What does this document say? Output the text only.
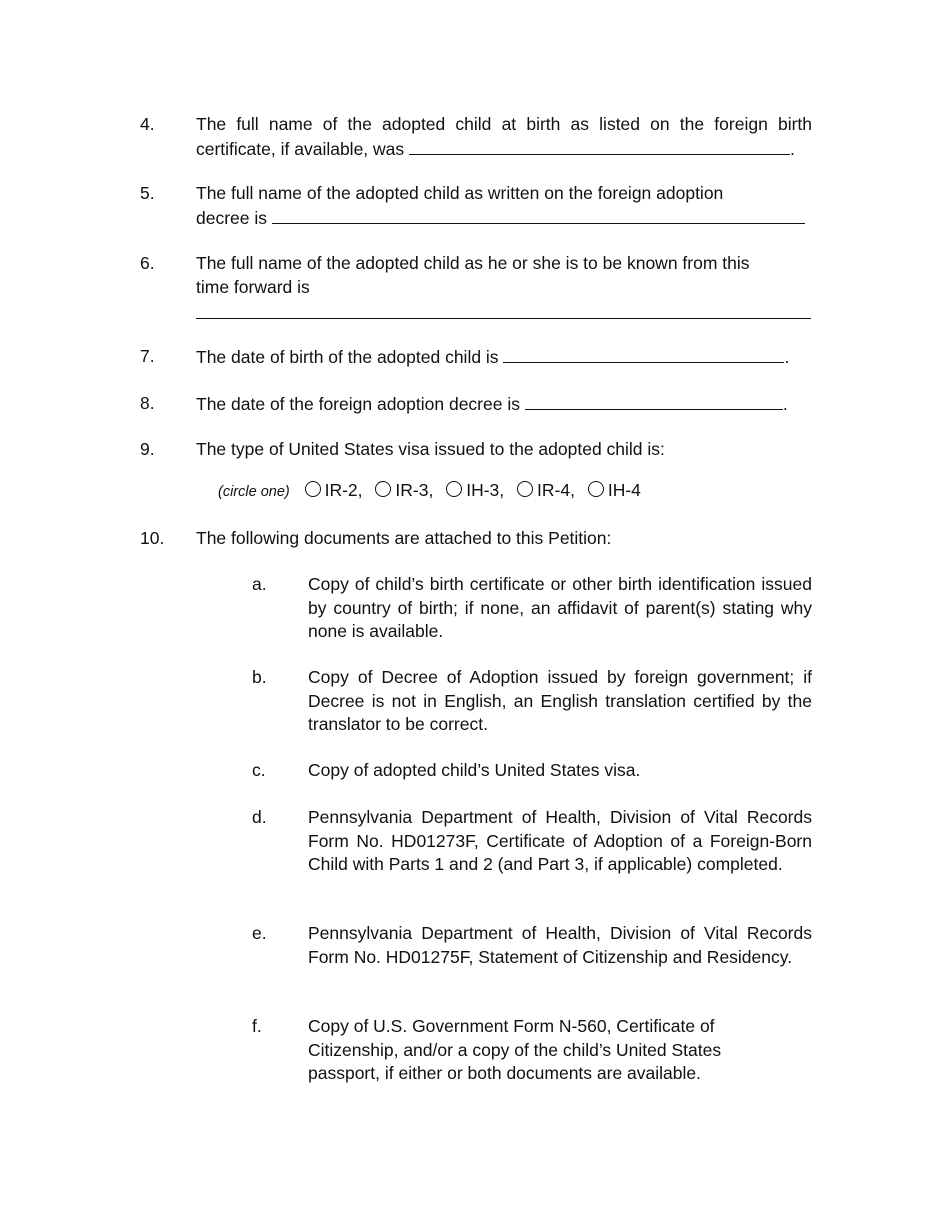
4. The full name of the adopted child at birth as listed on the foreign birth
certificate, if available, was	.
5. The full name of the adopted child as written on the foreign adoption
decree is
6. The full name of the adopted child as he or she is to be known from this
time forward is
7. The date of birth of the adopted child is	.
8. The date of the foreign adoption decree is	.
9. The type of United States visa issued to the adopted child is:
(circle one) IR-2, IR-3, IH-3, IR-4, IH-4
10. The following documents are attached to this Petition:
a. Copy of child’s birth certificate or other birth identification issued by country of birth; if none, an affidavit of parent(s) stating why none is available.
b. Copy of Decree of Adoption issued by foreign government; if Decree is not in English, an English translation certified by the translator to be correct.
c. Copy of adopted child’s United States visa.
d. Pennsylvania Department of Health, Division of Vital Records Form No. HD01273F, Certificate of Adoption of a Foreign-Born Child with Parts 1 and 2 (and Part 3, if applicable) completed.
e. Pennsylvania Department of Health, Division of Vital Records Form No. HD01275F, Statement of Citizenship and Residency.
f.	Copy of U.S. Government Form N-560, Certificate of Citizenship, and/or a copy of the child’s United States passport, if either or both documents are available.
